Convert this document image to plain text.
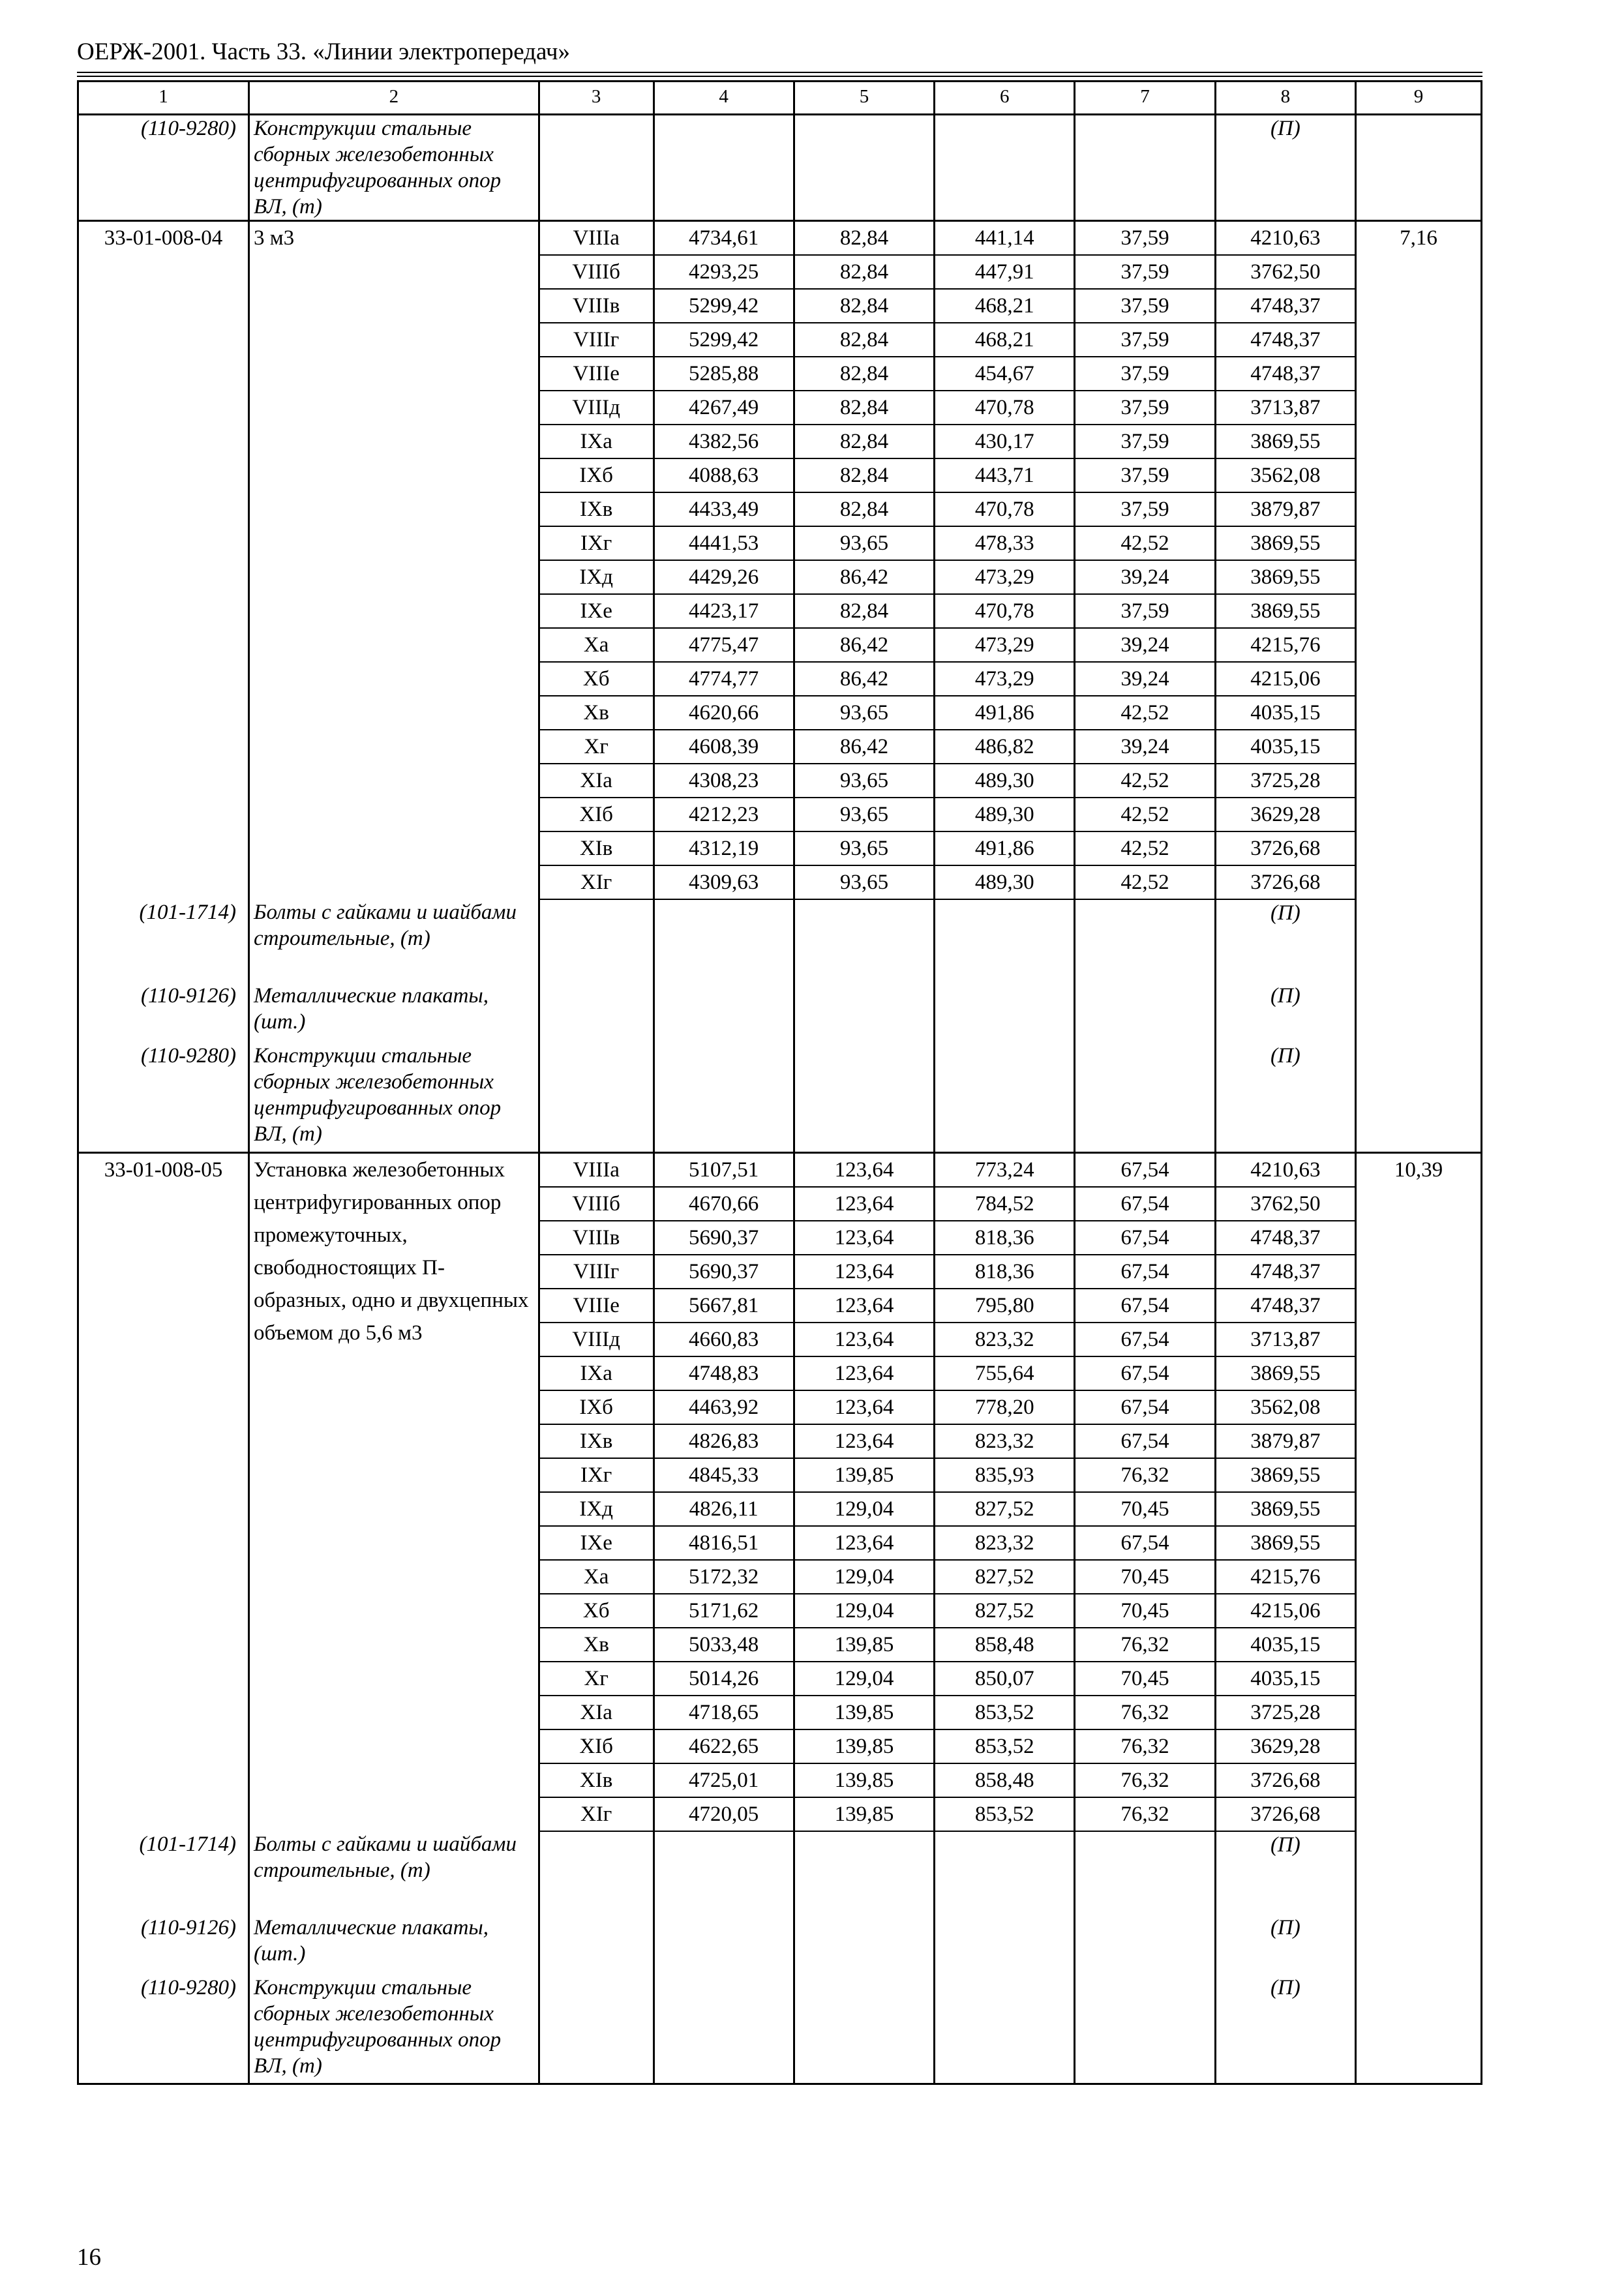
ОЕРЖ-2001. Часть 33. «Линии электропередач»
1	2	3	4	5	6	7	8	9
(110-9280)	Конструкции стальные сборных железобетонных центрифугированных опор ВЛ, (т)						(П)	
33-01-008-04	3 м3	VIIIа	4734,61	82,84	441,14	37,59	4210,63	7,16
		VIIIб	4293,25	82,84	447,91	37,59	3762,50	
		VIIIв	5299,42	82,84	468,21	37,59	4748,37	
		VIIIг	5299,42	82,84	468,21	37,59	4748,37	
		VIIIе	5285,88	82,84	454,67	37,59	4748,37	
		VIIIд	4267,49	82,84	470,78	37,59	3713,87	
		IXа	4382,56	82,84	430,17	37,59	3869,55	
		IXб	4088,63	82,84	443,71	37,59	3562,08	
		IXв	4433,49	82,84	470,78	37,59	3879,87	
		IXг	4441,53	93,65	478,33	42,52	3869,55	
		IXд	4429,26	86,42	473,29	39,24	3869,55	
		IXе	4423,17	82,84	470,78	37,59	3869,55	
		Xа	4775,47	86,42	473,29	39,24	4215,76	
		Xб	4774,77	86,42	473,29	39,24	4215,06	
		Xв	4620,66	93,65	491,86	42,52	4035,15	
		Xг	4608,39	86,42	486,82	39,24	4035,15	
		XIа	4308,23	93,65	489,30	42,52	3725,28	
		XIб	4212,23	93,65	489,30	42,52	3629,28	
		XIв	4312,19	93,65	491,86	42,52	3726,68	
		XIг	4309,63	93,65	489,30	42,52	3726,68	
(101-1714)	Болты с гайками и шайбами строительные, (т)						(П)	
(110-9126)	Металлические плакаты, (шт.)						(П)	
(110-9280)	Конструкции стальные сборных железобетонных центрифугированных опор ВЛ, (т)						(П)	
33-01-008-05	Установка железобетонных центрифугированных опор промежуточных, свободностоящих П-образных, одно и двухцепных объемом до 5,6 м3	VIIIа	5107,51	123,64	773,24	67,54	4210,63	10,39
		VIIIб	4670,66	123,64	784,52	67,54	3762,50	
		VIIIв	5690,37	123,64	818,36	67,54	4748,37	
		VIIIг	5690,37	123,64	818,36	67,54	4748,37	
		VIIIе	5667,81	123,64	795,80	67,54	4748,37	
		VIIIд	4660,83	123,64	823,32	67,54	3713,87	
		IXа	4748,83	123,64	755,64	67,54	3869,55	
		IXб	4463,92	123,64	778,20	67,54	3562,08	
		IXв	4826,83	123,64	823,32	67,54	3879,87	
		IXг	4845,33	139,85	835,93	76,32	3869,55	
		IXд	4826,11	129,04	827,52	70,45	3869,55	
		IXе	4816,51	123,64	823,32	67,54	3869,55	
		Xа	5172,32	129,04	827,52	70,45	4215,76	
		Xб	5171,62	129,04	827,52	70,45	4215,06	
		Xв	5033,48	139,85	858,48	76,32	4035,15	
		Xг	5014,26	129,04	850,07	70,45	4035,15	
		XIа	4718,65	139,85	853,52	76,32	3725,28	
		XIб	4622,65	139,85	853,52	76,32	3629,28	
		XIв	4725,01	139,85	858,48	76,32	3726,68	
		XIг	4720,05	139,85	853,52	76,32	3726,68	
(101-1714)	Болты с гайками и шайбами строительные, (т)						(П)	
(110-9126)	Металлические плакаты, (шт.)						(П)	
(110-9280)	Конструкции стальные сборных железобетонных центрифугированных опор ВЛ, (т)						(П)	
16
